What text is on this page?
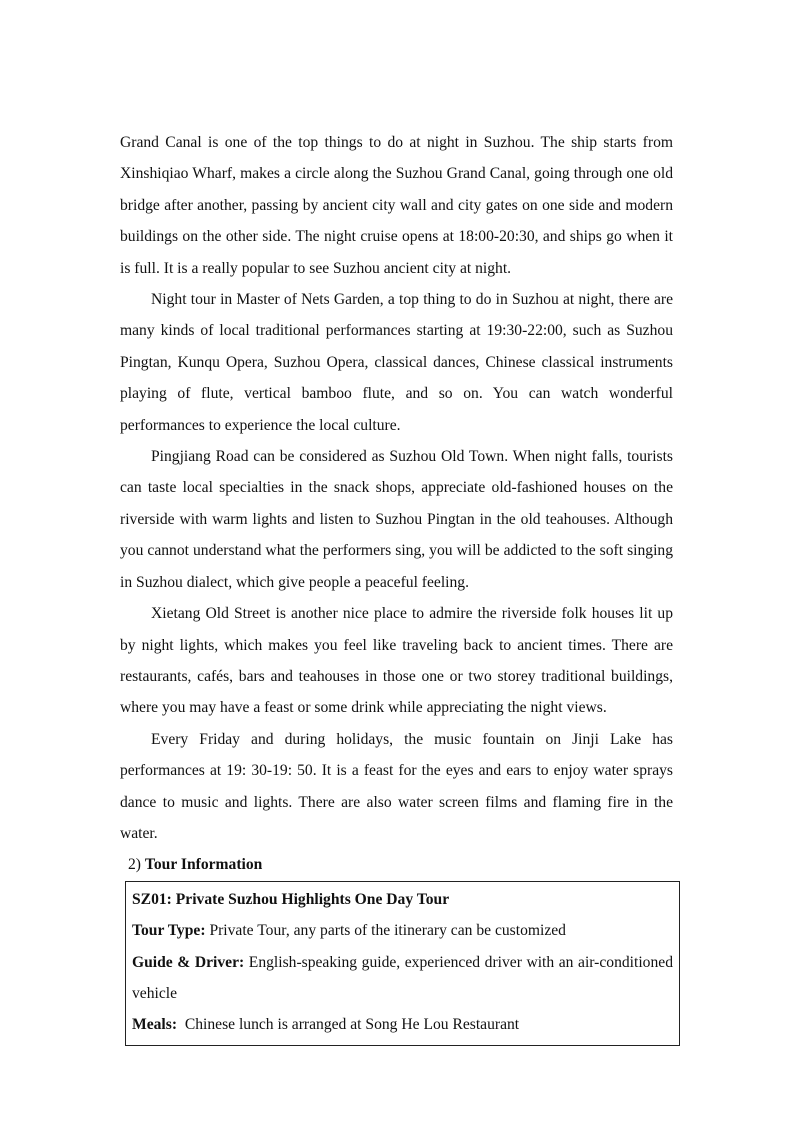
Grand Canal is one of the top things to do at night in Suzhou. The ship starts from Xinshiqiao Wharf, makes a circle along the Suzhou Grand Canal, going through one old bridge after another, passing by ancient city wall and city gates on one side and modern buildings on the other side. The night cruise opens at 18:00-20:30, and ships go when it is full. It is a really popular to see Suzhou ancient city at night.

Night tour in Master of Nets Garden, a top thing to do in Suzhou at night, there are many kinds of local traditional performances starting at 19:30-22:00, such as Suzhou Pingtan, Kunqu Opera, Suzhou Opera, classical dances, Chinese classical instruments playing of flute, vertical bamboo flute, and so on. You can watch wonderful performances to experience the local culture.

Pingjiang Road can be considered as Suzhou Old Town. When night falls, tourists can taste local specialties in the snack shops, appreciate old-fashioned houses on the riverside with warm lights and listen to Suzhou Pingtan in the old teahouses. Although you cannot understand what the performers sing, you will be addicted to the soft singing in Suzhou dialect, which give people a peaceful feeling.

Xietang Old Street is another nice place to admire the riverside folk houses lit up by night lights, which makes you feel like traveling back to ancient times. There are restaurants, cafés, bars and teahouses in those one or two storey traditional buildings, where you may have a feast or some drink while appreciating the night views.

Every Friday and during holidays, the music fountain on Jinji Lake has performances at 19: 30-19: 50. It is a feast for the eyes and ears to enjoy water sprays dance to music and lights. There are also water screen films and flaming fire in the water.

2) Tour Information

SZ01: Private Suzhou Highlights One Day Tour

Tour Type: Private Tour, any parts of the itinerary can be customized

Guide & Driver: English-speaking guide, experienced driver with an air-conditioned vehicle

Meals: Chinese lunch is arranged at Song He Lou Restaurant
